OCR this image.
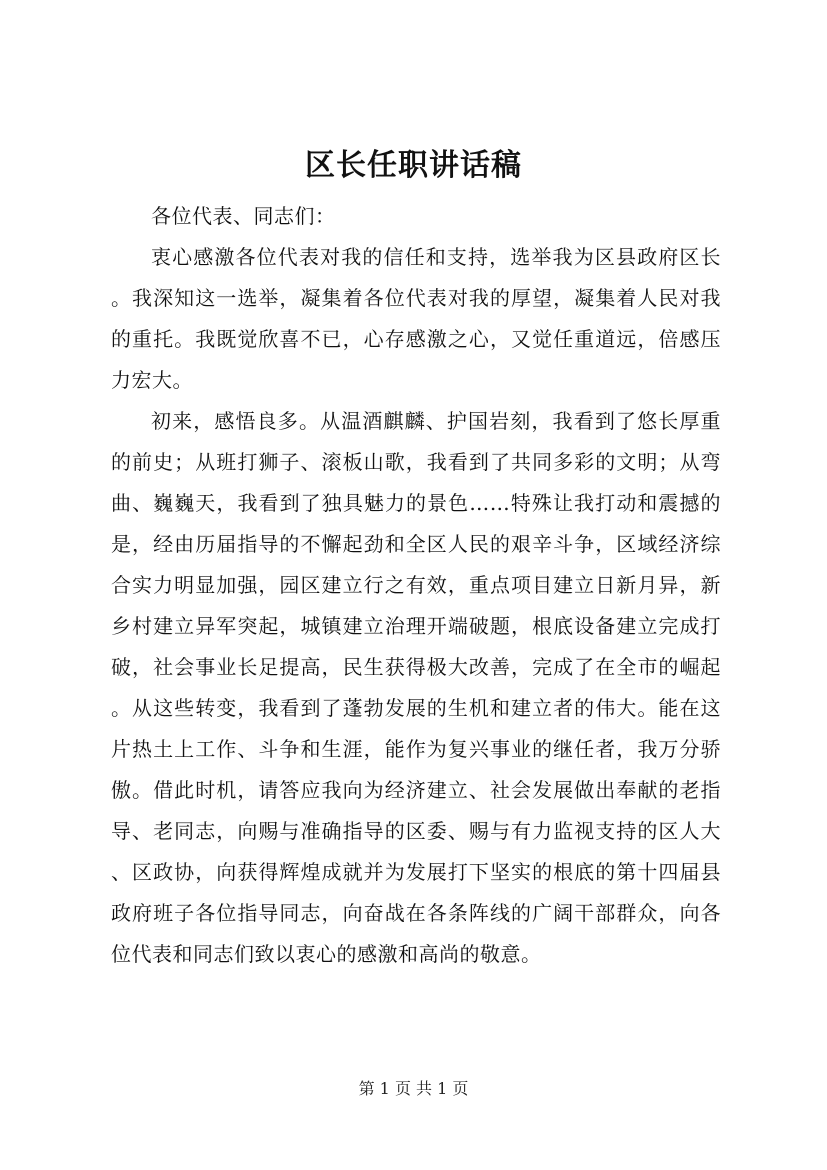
区长任职讲话稿

各位代表、同志们：

衷心感激各位代表对我的信任和支持，选举我为区县政府区长。我深知这一选举，凝集着各位代表对我的厚望，凝集着人民对我的重托。我既觉欣喜不已，心存感激之心，又觉任重道远，倍感压力宏大。

初来，感悟良多。从温酒麒麟、护国岩刻，我看到了悠长厚重的前史；从班打狮子、滚板山歌，我看到了共同多彩的文明；从弯曲、巍巍天，我看到了独具魅力的景色……特殊让我打动和震撼的是，经由历届指导的不懈起劲和全区人民的艰辛斗争，区域经济综合实力明显加强，园区建立行之有效，重点项目建立日新月异，新乡村建立异军突起，城镇建立治理开端破题，根底设备建立完成打破，社会事业长足提高，民生获得极大改善，完成了在全市的崛起。从这些转变，我看到了蓬勃发展的生机和建立者的伟大。能在这片热土上工作、斗争和生涯，能作为复兴事业的继任者，我万分骄傲。借此时机，请答应我向为经济建立、社会发展做出奉献的老指导、老同志，向赐与准确指导的区委、赐与有力监视支持的区人大、区政协，向获得辉煌成就并为发展打下坚实的根底的第十四届县政府班子各位指导同志，向奋战在各条阵线的广阔干部群众，向各位代表和同志们致以衷心的感激和高尚的敬意。

第 1 页 共 1 页
